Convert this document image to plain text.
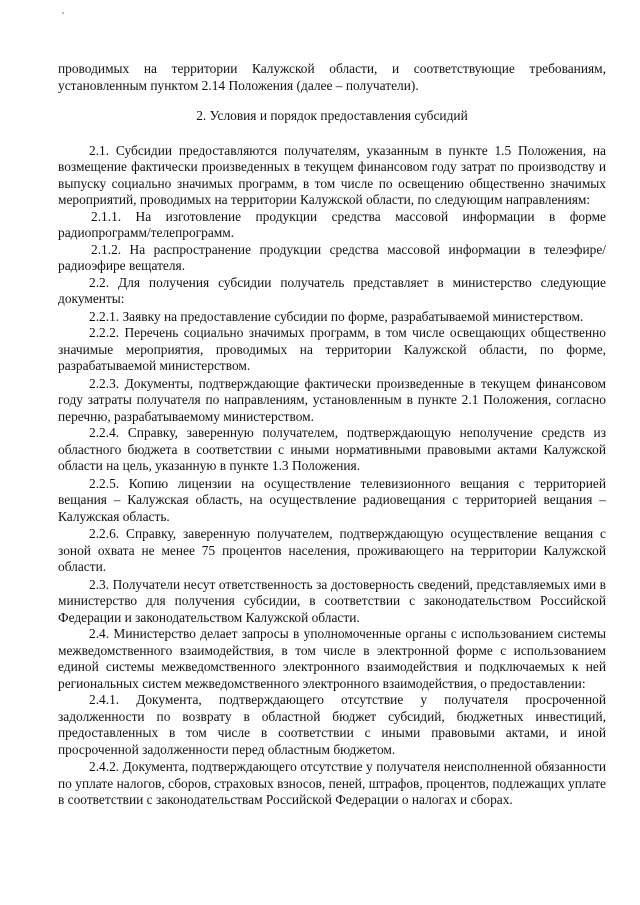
проводимых на территории Калужской области, и соответствующие требованиям, установленным пунктом 2.14 Положения (далее – получатели).

2. Условия и порядок предоставления субсидий

2.1. Субсидии предоставляются получателям, указанным в пункте 1.5 Положения, на возмещение фактически произведенных в текущем финансовом году затрат по производству и выпуску социально значимых программ, в том числе по освещению общественно значимых мероприятий, проводимых на территории Калужской области, по следующим направлениям:

2.1.1. На изготовление продукции средства массовой информации в форме радиопрограмм/телепрограмм.

2.1.2. На распространение продукции средства массовой информации в телеэфире/радиоэфире вещателя.

2.2. Для получения субсидии получатель представляет в министерство следующие документы:

2.2.1. Заявку на предоставление субсидии по форме, разрабатываемой министерством.

2.2.2. Перечень социально значимых программ, в том числе освещающих общественно значимые мероприятия, проводимых на территории Калужской области, по форме, разрабатываемой министерством.

2.2.3. Документы, подтверждающие фактически произведенные в текущем финансовом году затраты получателя по направлениям, установленным в пункте 2.1 Положения, согласно перечню, разрабатываемому министерством.

2.2.4. Справку, заверенную получателем, подтверждающую неполучение средств из областного бюджета в соответствии с иными нормативными правовыми актами Калужской области на цель, указанную в пункте 1.3 Положения.

2.2.5. Копию лицензии на осуществление телевизионного вещания с территорией вещания – Калужская область, на осуществление радиовещания с территорией вещания – Калужская область.

2.2.6. Справку, заверенную получателем, подтверждающую осуществление вещания с зоной охвата не менее 75 процентов населения, проживающего на территории Калужской области.

2.3. Получатели несут ответственность за достоверность сведений, представляемых ими в министерство для получения субсидии, в соответствии с законодательством Российской Федерации и законодательством Калужской области.

2.4. Министерство делает запросы в уполномоченные органы с использованием системы межведомственного взаимодействия, в том числе в электронной форме с использованием единой системы межведомственного электронного взаимодействия и подключаемых к ней региональных систем межведомственного электронного взаимодействия, о предоставлении:

2.4.1. Документа, подтверждающего отсутствие у получателя просроченной задолженности по возврату в областной бюджет субсидий, бюджетных инвестиций, предоставленных в том числе в соответствии с иными правовыми актами, и иной просроченной задолженности перед областным бюджетом.

2.4.2. Документа, подтверждающего отсутствие у получателя неисполненной обязанности по уплате налогов, сборов, страховых взносов, пеней, штрафов, процентов, подлежащих уплате в соответствии с законодательствам Российской Федерации о налогах и сборах.
